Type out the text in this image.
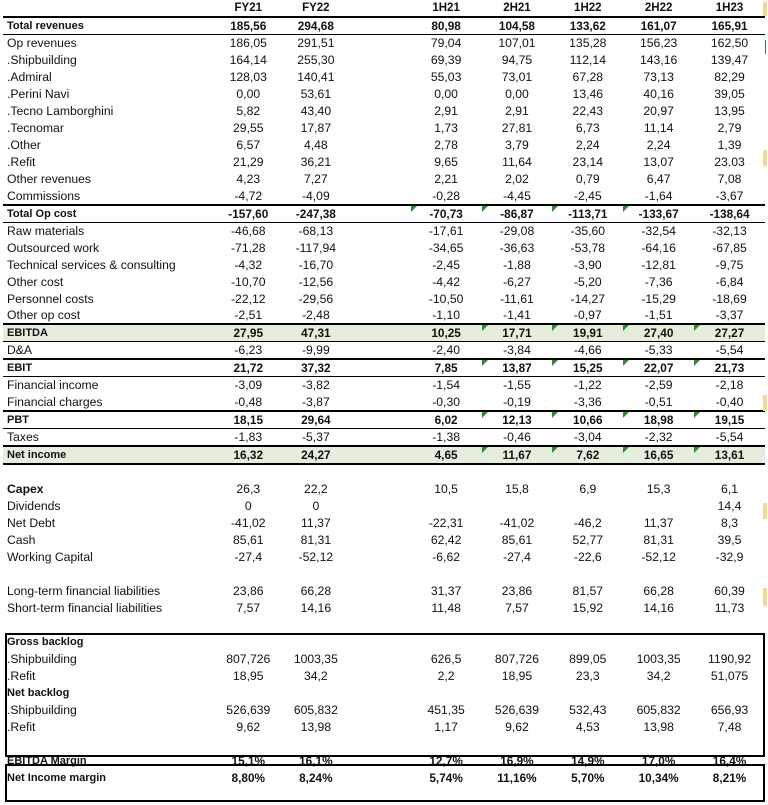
	FY21	FY22		1H21	2H21	1H22	2H22	1H23
Total revenues	185,56	294,68		80,98	104,58	133,62	161,07	165,91
Op revenues	186,05	291,51		79,04	107,01	135,28	156,23	162,50
.Shipbuilding	164,14	255,30		69,39	94,75	112,14	143,16	139,47
.Admiral	128,03	140,41		55,03	73,01	67,28	73,13	82,29
.Perini Navi	0,00	53,61		0,00	0,00	13,46	40,16	39,05
.Tecno Lamborghini	5,82	43,40		2,91	2,91	22,43	20,97	13,95
.Tecnomar	29,55	17,87		1,73	27,81	6,73	11,14	2,79
.Other	6,57	4,48		2,78	3,79	2,24	2,24	1,39
.Refit	21,29	36,21		9,65	11,64	23,14	13,07	23.03
Other revenues	4,23	7,27		2,21	2,02	0,79	6,47	7,08
Commissions	-4,72	-4,09		-0,28	-4,45	-2,45	-1,64	-3,67
Total Op cost	-157,60	-247,38		-70,73	-86,87	-113,71	-133,67	-138,64
Raw materials	-46,68	-68,13		-17,61	-29,08	-35,60	-32,54	-32,13
Outsourced work	-71,28	-117,94		-34,65	-36,63	-53,78	-64,16	-67,85
Technical services & consulting	-4,32	-16,70		-2,45	-1,88	-3,90	-12,81	-9,75
Other cost	-10,70	-12,56		-4,42	-6,27	-5,20	-7,36	-6,84
Personnel costs	-22,12	-29,56		-10,50	-11,61	-14,27	-15,29	-18,69
Other op cost	-2,51	-2,48		-1,10	-1,41	-0,97	-1,51	-3,37
EBITDA	27,95	47,31		10,25	17,71	19,91	27,40	27,27
D&A	-6,23	-9,99		-2,40	-3,84	-4,66	-5,33	-5,54
EBIT	21,72	37,32		7,85	13,87	15,25	22,07	21,73
Financial income	-3,09	-3,82		-1,54	-1,55	-1,22	-2,59	-2,18
Financial charges	-0,48	-3,87		-0,30	-0,19	-3,36	-0,51	-0,40
PBT	18,15	29,64		6,02	12,13	10,66	18,98	19,15
Taxes	-1,83	-5,37		-1,38	-0,46	-3,04	-2,32	-5,54
Net income	16,32	24,27		4,65	11,67	7,62	16,65	13,61

Capex	26,3	22,2		10,5	15,8	6,9	15,3	6,1
Dividends	0	0						14,4
Net Debt	-41,02	11,37		-22,31	-41,02	-46,2	11,37	8,3
Cash	85,61	81,31		62,42	85,61	52,77	81,31	39,5
Working Capital	-27,4	-52,12		-6,62	-27,4	-22,6	-52,12	-32,9

Long-term financial liabilities	23,86	66,28		31,37	23,86	81,57	66,28	60,39
Short-term financial liabilities	7,57	14,16		11,48	7,57	15,92	14,16	11,73

Gross backlog								
.Shipbuilding	807,726	1003,35		626,5	807,726	899,05	1003,35	1190,92
.Refit	18,95	34,2		2,2	18,95	23,3	34,2	51,075
Net backlog								
.Shipbuilding	526,639	605,832		451,35	526,639	532,43	605,832	656,93
.Refit	9,62	13,98		1,17	9,62	4,53	13,98	7,48

EBITDA Margin	15,1%	16,1%		12,7%	16,9%	14,9%	17,0%	16,4%
Net Income margin	8,80%	8,24%		5,74%	11,16%	5,70%	10,34%	8,21%
